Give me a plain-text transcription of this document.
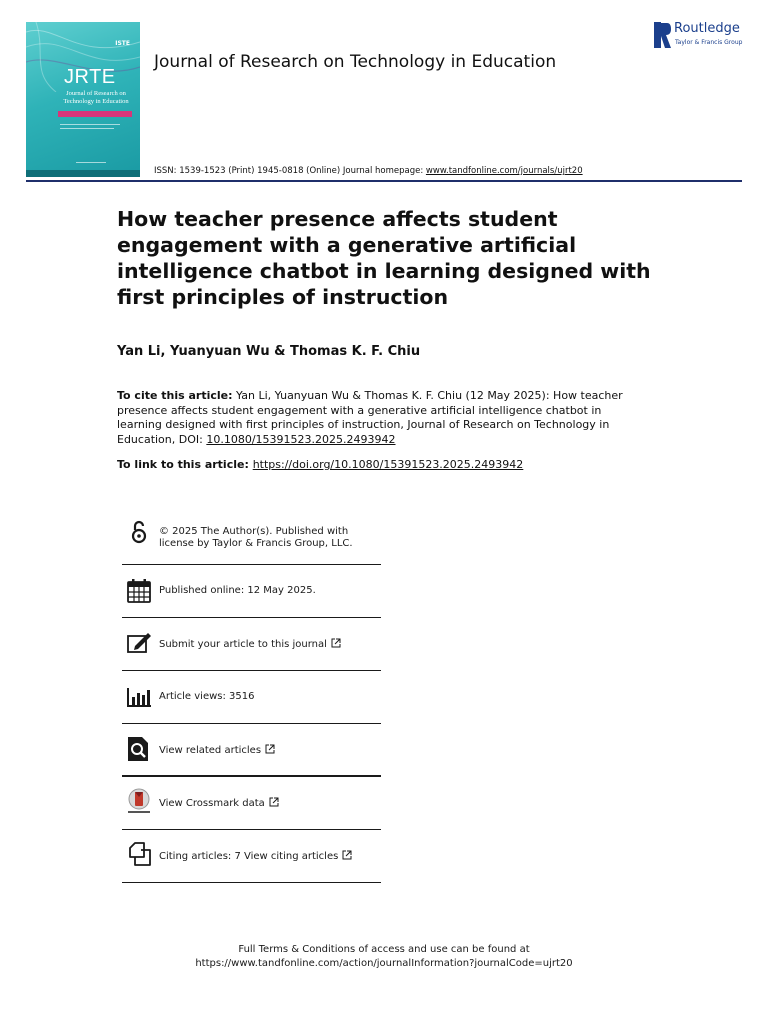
ISTE
JRTE
Journal of Research on Technology in Education
Journal of Research on Technology in Education
Routledge
Taylor & Francis Group
ISSN: 1539-1523 (Print) 1945-0818 (Online) Journal homepage: www.tandfonline.com/journals/ujrt20
How teacher presence affects student engagement with a generative artificial intelligence chatbot in learning designed with first principles of instruction
Yan Li, Yuanyuan Wu & Thomas K. F. Chiu

To cite this article: Yan Li, Yuanyuan Wu & Thomas K. F. Chiu (12 May 2025): How teacher presence affects student engagement with a generative artificial intelligence chatbot in learning designed with first principles of instruction, Journal of Research on Technology in Education, DOI: 10.1080/15391523.2025.2493942

To link to this article: https://doi.org/10.1080/15391523.2025.2493942

© 2025 The Author(s). Published with
license by Taylor & Francis Group, LLC.
Published online: 12 May 2025.
Submit your article to this journal
Article views: 3516
View related articles
View Crossmark data
Citing articles: 7 View citing articles
Full Terms & Conditions of access and use can be found at
https://www.tandfonline.com/action/journalInformation?journalCode=ujrt20
